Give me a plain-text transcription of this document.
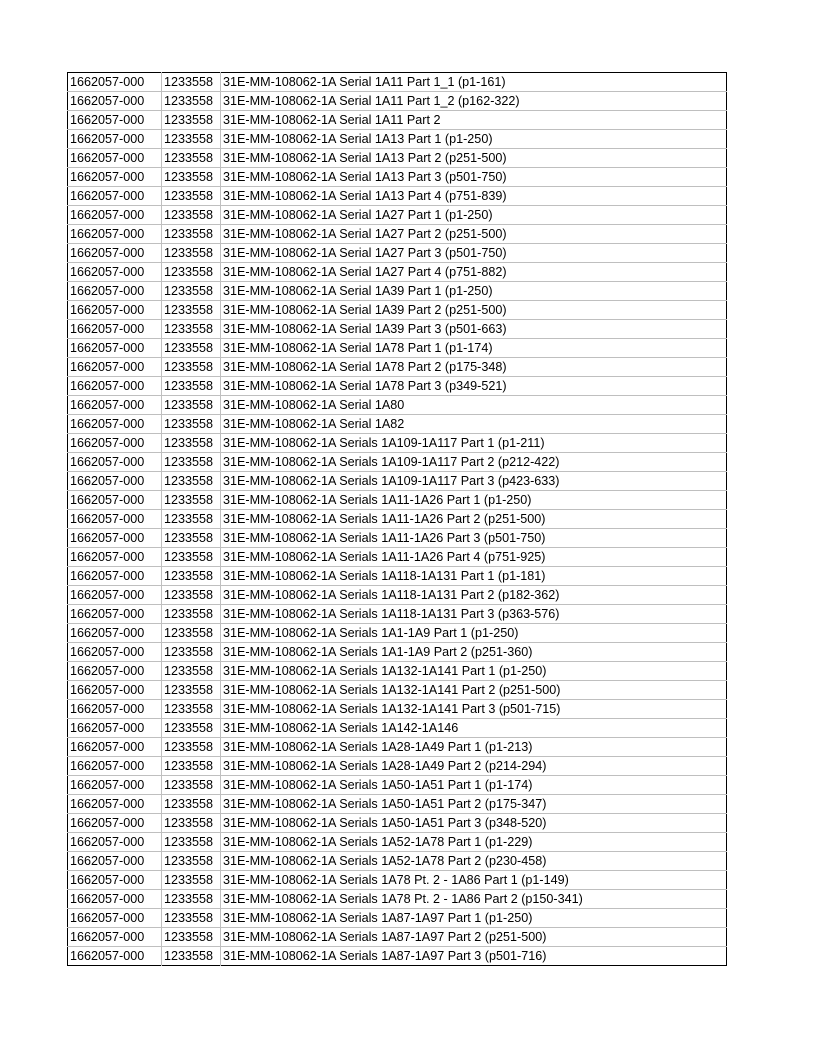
1662057-000	1233558	31E-MM-108062-1A Serial 1A11 Part 1_1 (p1-161)
1662057-000	1233558	31E-MM-108062-1A Serial 1A11 Part 1_2 (p162-322)
1662057-000	1233558	31E-MM-108062-1A Serial 1A11 Part 2
1662057-000	1233558	31E-MM-108062-1A Serial 1A13 Part 1 (p1-250)
1662057-000	1233558	31E-MM-108062-1A Serial 1A13 Part 2 (p251-500)
1662057-000	1233558	31E-MM-108062-1A Serial 1A13 Part 3 (p501-750)
1662057-000	1233558	31E-MM-108062-1A Serial 1A13 Part 4 (p751-839)
1662057-000	1233558	31E-MM-108062-1A Serial 1A27 Part 1 (p1-250)
1662057-000	1233558	31E-MM-108062-1A Serial 1A27 Part 2 (p251-500)
1662057-000	1233558	31E-MM-108062-1A Serial 1A27 Part 3 (p501-750)
1662057-000	1233558	31E-MM-108062-1A Serial 1A27 Part 4 (p751-882)
1662057-000	1233558	31E-MM-108062-1A Serial 1A39 Part 1 (p1-250)
1662057-000	1233558	31E-MM-108062-1A Serial 1A39 Part 2 (p251-500)
1662057-000	1233558	31E-MM-108062-1A Serial 1A39 Part 3 (p501-663)
1662057-000	1233558	31E-MM-108062-1A Serial 1A78 Part 1 (p1-174)
1662057-000	1233558	31E-MM-108062-1A Serial 1A78 Part 2 (p175-348)
1662057-000	1233558	31E-MM-108062-1A Serial 1A78 Part 3 (p349-521)
1662057-000	1233558	31E-MM-108062-1A Serial 1A80
1662057-000	1233558	31E-MM-108062-1A Serial 1A82
1662057-000	1233558	31E-MM-108062-1A Serials 1A109-1A117 Part 1 (p1-211)
1662057-000	1233558	31E-MM-108062-1A Serials 1A109-1A117 Part 2 (p212-422)
1662057-000	1233558	31E-MM-108062-1A Serials 1A109-1A117 Part 3 (p423-633)
1662057-000	1233558	31E-MM-108062-1A Serials 1A11-1A26 Part 1 (p1-250)
1662057-000	1233558	31E-MM-108062-1A Serials 1A11-1A26 Part 2 (p251-500)
1662057-000	1233558	31E-MM-108062-1A Serials 1A11-1A26 Part 3 (p501-750)
1662057-000	1233558	31E-MM-108062-1A Serials 1A11-1A26 Part 4 (p751-925)
1662057-000	1233558	31E-MM-108062-1A Serials 1A118-1A131 Part 1 (p1-181)
1662057-000	1233558	31E-MM-108062-1A Serials 1A118-1A131 Part 2 (p182-362)
1662057-000	1233558	31E-MM-108062-1A Serials 1A118-1A131 Part 3 (p363-576)
1662057-000	1233558	31E-MM-108062-1A Serials 1A1-1A9 Part 1 (p1-250)
1662057-000	1233558	31E-MM-108062-1A Serials 1A1-1A9 Part 2 (p251-360)
1662057-000	1233558	31E-MM-108062-1A Serials 1A132-1A141 Part 1 (p1-250)
1662057-000	1233558	31E-MM-108062-1A Serials 1A132-1A141 Part 2 (p251-500)
1662057-000	1233558	31E-MM-108062-1A Serials 1A132-1A141 Part 3 (p501-715)
1662057-000	1233558	31E-MM-108062-1A Serials 1A142-1A146
1662057-000	1233558	31E-MM-108062-1A Serials 1A28-1A49 Part 1 (p1-213)
1662057-000	1233558	31E-MM-108062-1A Serials 1A28-1A49 Part 2 (p214-294)
1662057-000	1233558	31E-MM-108062-1A Serials 1A50-1A51 Part 1 (p1-174)
1662057-000	1233558	31E-MM-108062-1A Serials 1A50-1A51 Part 2 (p175-347)
1662057-000	1233558	31E-MM-108062-1A Serials 1A50-1A51 Part 3 (p348-520)
1662057-000	1233558	31E-MM-108062-1A Serials 1A52-1A78 Part 1 (p1-229)
1662057-000	1233558	31E-MM-108062-1A Serials 1A52-1A78 Part 2 (p230-458)
1662057-000	1233558	31E-MM-108062-1A Serials 1A78 Pt. 2 - 1A86 Part 1 (p1-149)
1662057-000	1233558	31E-MM-108062-1A Serials 1A78 Pt. 2 - 1A86 Part 2 (p150-341)
1662057-000	1233558	31E-MM-108062-1A Serials 1A87-1A97 Part 1 (p1-250)
1662057-000	1233558	31E-MM-108062-1A Serials 1A87-1A97 Part 2 (p251-500)
1662057-000	1233558	31E-MM-108062-1A Serials 1A87-1A97 Part 3 (p501-716)
